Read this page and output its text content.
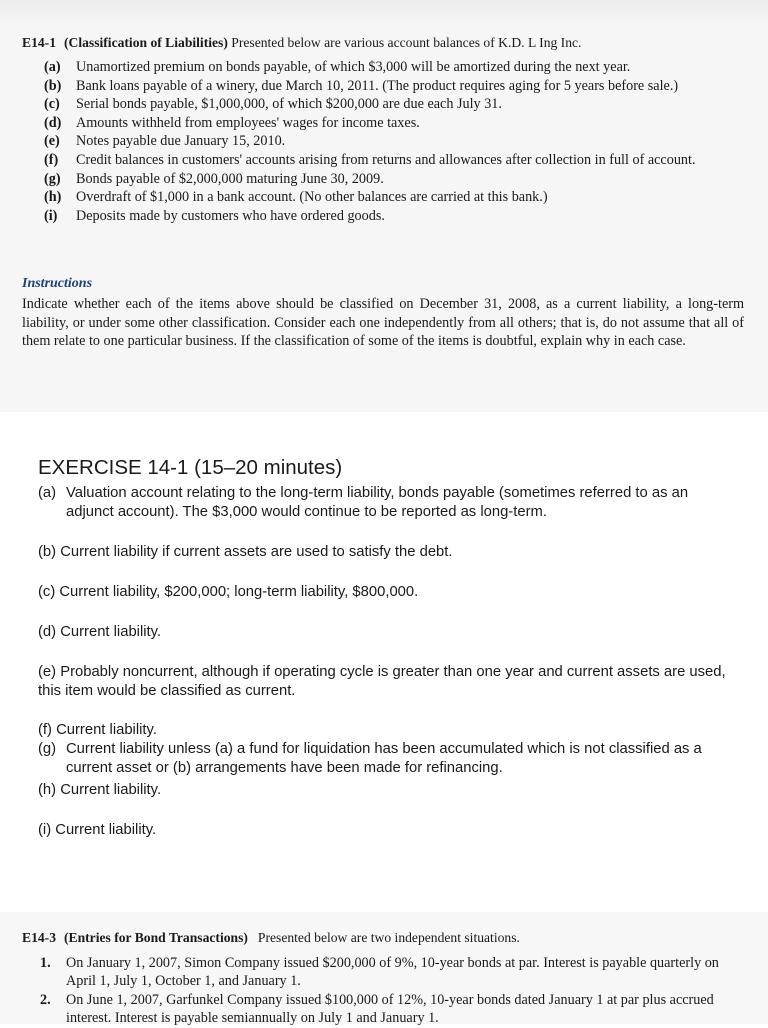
E14-1 (Classification of Liabilities) Presented below are various account balances of K.D. L Ing Inc.
(a)	Unamortized premium on bonds payable, of which $3,000 will be amortized during the next year.
(b)	Bank loans payable of a winery, due March 10, 2011. (The product requires aging for 5 years before sale.)
(c)	Serial bonds payable, $1,000,000, of which $200,000 are due each July 31.
(d)	Amounts withheld from employees' wages for income taxes.
(e)	Notes payable due January 15, 2010.
(f)	Credit balances in customers' accounts arising from returns and allowances after collection in full of account.
(g)	Bonds payable of $2,000,000 maturing June 30, 2009.
(h)	Overdraft of $1,000 in a bank account. (No other balances are carried at this bank.)
(i)	Deposits made by customers who have ordered goods.
Instructions
Indicate whether each of the items above should be classified on December 31, 2008, as a current liability, a long-term liability, or under some other classification. Consider each one independently from all others; that is, do not assume that all of them relate to one particular business. If the classification of some of the items is doubtful, explain why in each case.
EXERCISE 14-1 (15–20 minutes)
(a) Valuation account relating to the long-term liability, bonds payable (sometimes referred to as an adjunct account). The $3,000 would continue to be reported as long-term.
(b) Current liability if current assets are used to satisfy the debt.
(c) Current liability, $200,000; long-term liability, $800,000.
(d) Current liability.
(e) Probably noncurrent, although if operating cycle is greater than one year and current assets are used, this item would be classified as current.
(f) Current liability.
(g) Current liability unless (a) a fund for liquidation has been accumulated which is not classified as a current asset or (b) arrangements have been made for refinancing.
(h) Current liability.
(i) Current liability.
E14-3 (Entries for Bond Transactions) Presented below are two independent situations.
1.	On January 1, 2007, Simon Company issued $200,000 of 9%, 10-year bonds at par. Interest is payable quarterly on April 1, July 1, October 1, and January 1.
2.	On June 1, 2007, Garfunkel Company issued $100,000 of 12%, 10-year bonds dated January 1 at par plus accrued interest. Interest is payable semiannually on July 1 and January 1.
